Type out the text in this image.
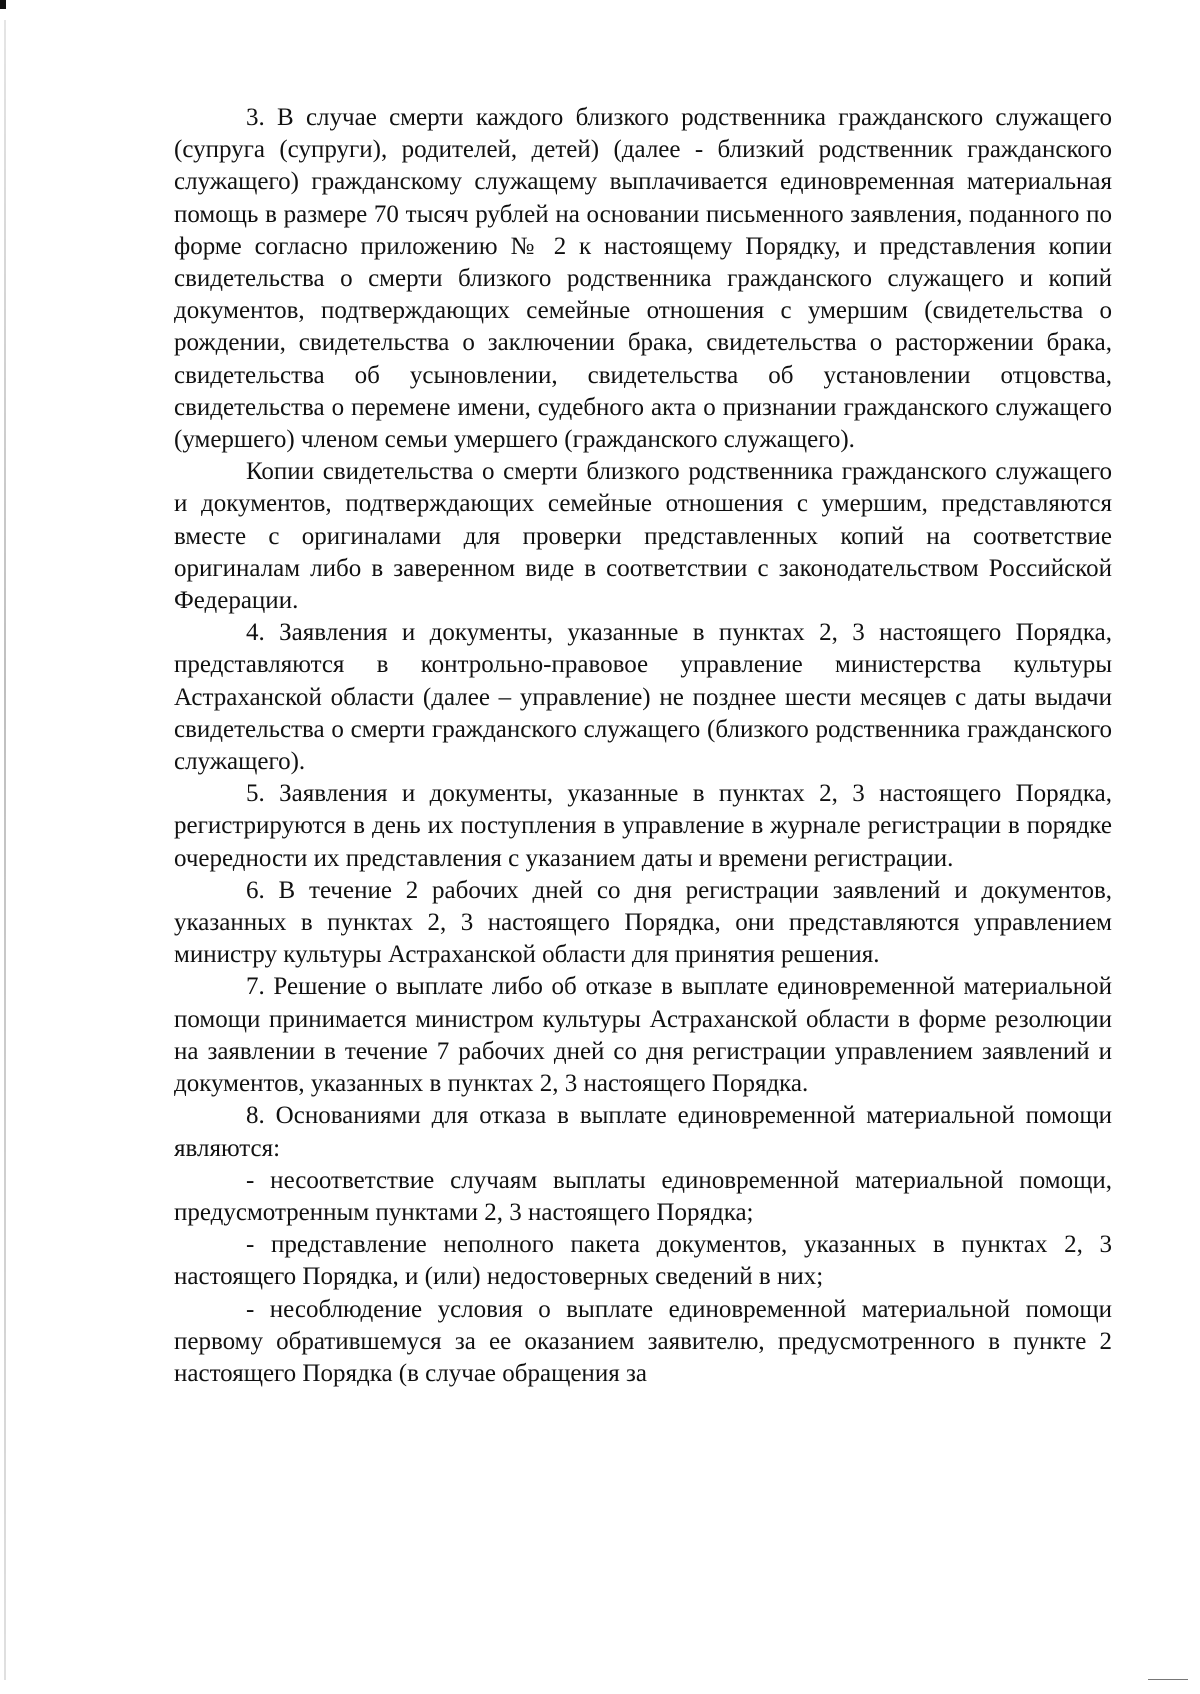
3. В случае смерти каждого близкого родственника гражданского служащего (супруга (супруги), родителей, детей) (далее - близкий родственник гражданского служащего) гражданскому служащему выплачивается единовременная материальная помощь в размере 70 тысяч рублей на основании письменного заявления, поданного по форме согласно приложению № 2 к настоящему Порядку, и представления копии свидетельства о смерти близкого родственника гражданского служащего и копий документов, подтверждающих семейные отношения с умершим (свидетельства о рождении, свидетельства о заключении брака, свидетельства о расторжении брака, свидетельства об усыновлении, свидетельства об установлении отцовства, свидетельства о перемене имени, судебного акта о признании гражданского служащего (умершего) членом семьи умершего (гражданского служащего).

Копии свидетельства о смерти близкого родственника гражданского служащего и документов, подтверждающих семейные отношения с умершим, представляются вместе с оригиналами для проверки представленных копий на соответствие оригиналам либо в заверенном виде в соответствии с законодательством Российской Федерации.

4. Заявления и документы, указанные в пунктах 2, 3 настоящего Порядка, представляются в контрольно-правовое управление министерства культуры Астраханской области (далее – управление) не позднее шести месяцев с даты выдачи свидетельства о смерти гражданского служащего (близкого родственника гражданского служащего).

5. Заявления и документы, указанные в пунктах 2, 3 настоящего Порядка, регистрируются в день их поступления в управление в журнале регистрации в порядке очередности их представления с указанием даты и времени регистрации.

6. В течение 2 рабочих дней со дня регистрации заявлений и документов, указанных в пунктах 2, 3 настоящего Порядка, они представляются управлением министру культуры Астраханской области для принятия решения.

7. Решение о выплате либо об отказе в выплате единовременной материальной помощи принимается министром культуры Астраханской области в форме резолюции на заявлении в течение 7 рабочих дней со дня регистрации управлением заявлений и документов, указанных в пунктах 2, 3 настоящего Порядка.

8. Основаниями для отказа в выплате единовременной материальной помощи являются:

- несоответствие случаям выплаты единовременной материальной помощи, предусмотренным пунктами 2, 3 настоящего Порядка;

- представление неполного пакета документов, указанных в пунктах 2, 3 настоящего Порядка, и (или) недостоверных сведений в них;

- несоблюдение условия о выплате единовременной материальной помощи первому обратившемуся за ее оказанием заявителю, предусмотренного в пункте 2 настоящего Порядка (в случае обращения за
